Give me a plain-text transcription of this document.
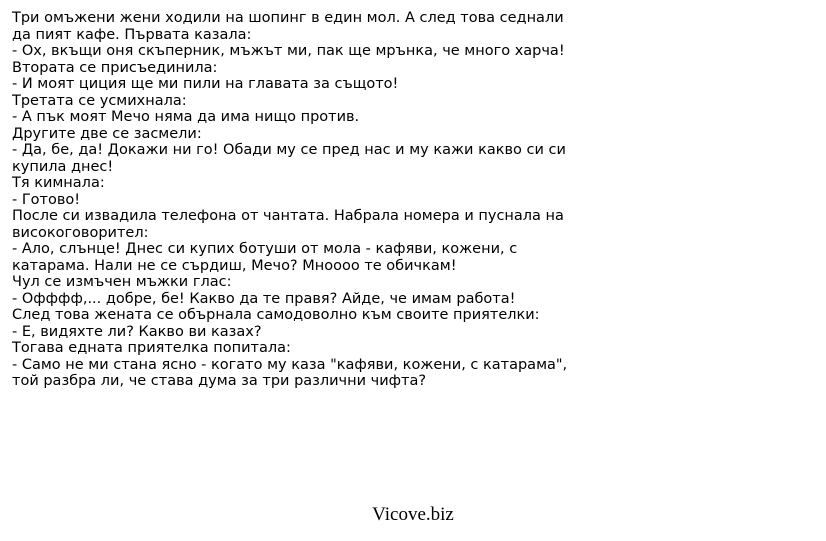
Три омъжени жени ходили на шопинг в един мол. А след това седнали
да пият кафе. Първата казала:
- Ох, вкъщи оня скъперник, мъжът ми, пак ще мрънка, че много харча!
Втората се присъединила:
- И моят циция ще ми пили на главата за същото!
Третата се усмихнала:
- А пък моят Мечо няма да има нищо против.
Другите две се засмели:
- Да, бе, да! Докажи ни го! Обади му се пред нас и му кажи какво си си
купила днес!
Тя кимнала:
- Готово!
После си извадила телефона от чантата. Набрала номера и пуснала на
високоговорител:
- Ало, слънце! Днес си купих ботуши от мола - кафяви, кожени, с
катарама. Нали не се сърдиш, Мечо? Мноооо те обичкам!
Чул се измъчен мъжки глас:
- Офффф,... добре, бе! Какво да те правя? Айде, че имам работа!
След това жената се обърнала самодоволно към своите приятелки:
- Е, видяхте ли? Какво ви казах?
Тогава едната приятелка попитала:
- Само не ми стана ясно - когато му каза "кафяви, кожени, с катарама",
той разбра ли, че става дума за три различни чифта?
Vicove.biz
